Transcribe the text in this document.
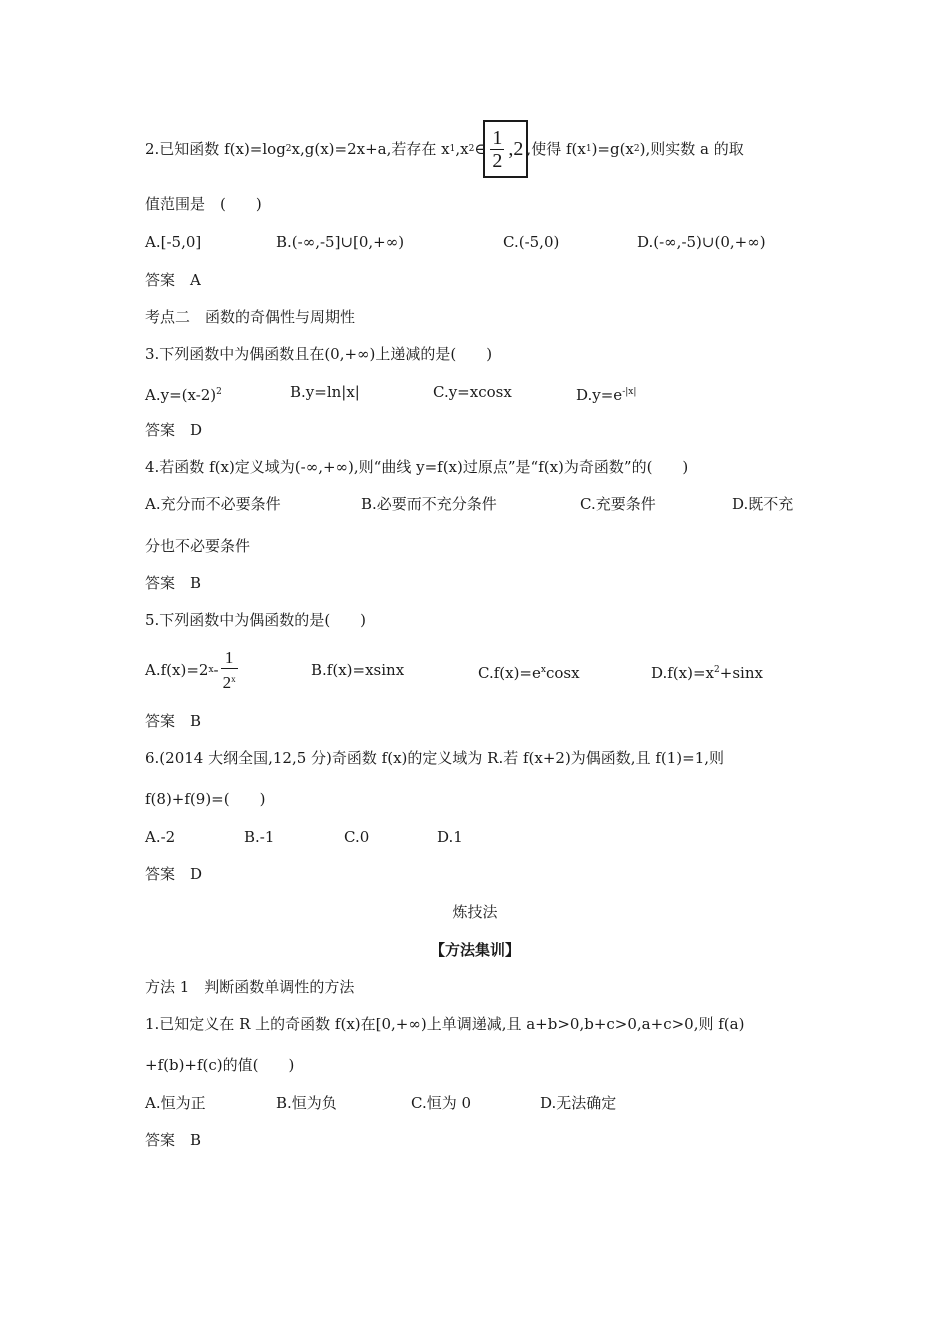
2.已知函数 f(x)=log 2 x,g(x)=2x+a,若存在 x 1 ,x 2 ∈ $\frac{1}{2} ,2$ ,使得 f(x 1 )=g(x 2 ),则实数 a 的取
值范围是　(　　)
A.[-5,0]	B.(-∞,-5]∪[0,+∞)	C.(-5,0)	D.(-∞,-5)∪(0,+∞)
答案　A
考点二　函数的奇偶性与周期性
3.下列函数中为偶函数且在(0,+∞)上递减的是(　　)
$A.y=(x-2)^2$	B.y=ln|x|	C.y=xcosx	$D.y=e^{-|x|}$
答案　D
4.若函数 f(x)定义域为(-∞,+∞),则“曲线 y=f(x)过原点”是“f(x)为奇函数”的(　　)
A.充分而不必要条件	B.必要而不充分条件	C.充要条件	D.既不充
分也不必要条件
答案　B
5.下列函数中为偶函数的是(　　)
A.f(x)=2 x - $\frac{1}{2^x}$	B.f(x)=xsinx	$C.f(x)=e^x\cos x$	$D.f(x)=x^2+\sin x$
答案　B
6.(2014 大纲全国,12,5 分)奇函数 f(x)的定义域为 R.若 f(x+2)为偶函数,且 f(1)=1,则
f(8)+f(9)=(　　)
A.-2	B.-1	C.0	D.1
答案　D
炼技法
【方法集训】
方法 1　判断函数单调性的方法
1.已知定义在 R 上的奇函数 f(x)在[0,+∞)上单调递减,且 a+b>0,b+c>0,a+c>0,则 f(a)
+f(b)+f(c)的值(　　)
A.恒为正	B.恒为负	C.恒为 0	D.无法确定
答案　B
